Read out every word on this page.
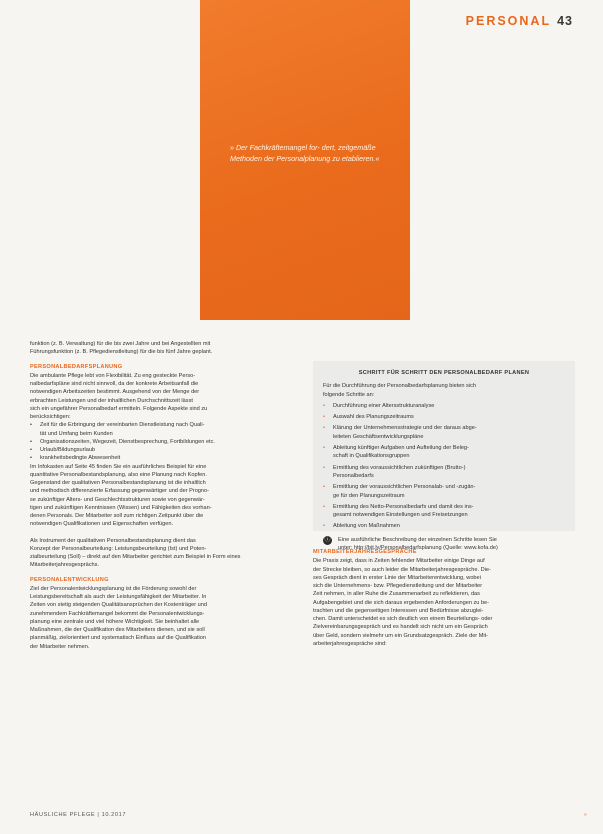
PERSONAL 43
» Der Fachkräftemangel for- dert, zeitgemäße Methoden der Personalplanung zu etablieren.«

funktion (z. B. Verwaltung) für die bis zwei Jahre und bei Angestellten mit

Führungsfunktion (z. B. Pflegedienstleitung) für die bis fünf Jahre geplant.

PERSONALBEDARFSPLANUNG

Die ambulante Pflege lebt von Flexibilität. Zu eng gesteckte Perso-

nalbedarfspläne sind nicht sinnvoll, da der konkrete Arbeitsanfall die

notwendigen Arbeitszeiten bestimmt. Ausgehend von der Menge der

erbrachten Leistungen und der inhaltlichen Durchschnittszeit lässt

sich ein ungefährer Personalbedarf ermitteln. Folgende Aspekte sind zu

berücksichtigen:

•	Zeit für die Erbringung der vereinbarten Dienstleistung nach Quali-

tät und Umfang beim Kunden

•	Organisationszeiten, Wegezeit, Dienstbesprechung, Fortbildungen etc.

•	Urlaub/Bildungsurlaub

•	krankheitsbedingte Abwesenheit

Im Infokasten auf Seite 45 finden Sie ein ausführliches Beispiel für eine

quantitative Personalbestandsplanung, also eine Planung nach Kopfen.

Gegenstand der qualitativen Personalbestandsplanung ist die inhaltlich

und methodisch differenzierte Erfassung gegenwärtiger und der Progno-

se zukünftiger Alters- und Geschlechtsstrukturen sowie von gegenwär-

tigen und zukünftigen Kenntnissen (Wissen) und Fähigkeiten des vorhan-

denen Personals. Der Mitarbeiter soll zum richtigen Zeitpunkt über die

notwendigen Qualifikationen und Eigenschaften verfügen.

Als Instrument der qualitativen Personalbestandsplanung dient das

Konzept der Personalbeurteilung: Leistungsbeurteilung (Ist) und Poten-

zialbeurteilung (Soll) – direkt auf den Mitarbeiter gerichtet zum Beispiel in Form eines

Mitarbeiterjahresgesprächs.

PERSONALENTWICKLUNG

Ziel der Personalentwicklungsplanung ist die Förderung sowohl der

Leistungsbereitschaft als auch der Leistungsfähigkeit der Mitarbeiter. In

Zeiten von stetig steigenden Qualitätsansprüchen der Kostenträger und

zunehmendem Fachkräftemangel bekommt die Personalentwicklungs-

planung eine zentrale und viel höhere Wichtigkeit. Sie beinhaltet alle

Maßnahmen, die der Qualifikation des Mitarbeiters dienen, und sie soll

planmäßig, zielorientiert und systematisch Einfluss auf die Qualifikation

der Mitarbeiter nehmen.

SCHRITT FÜR SCHRITT DEN PERSONALBEDARF PLANEN

Für die Durchführung der Personalbedarfsplanung bieten sich

folgende Schritte an:

•	Durchführung einer Altersstrukturanalyse
•	Auswahl des Planungszeitraums
•	Klärung der Unternehmensstrategie und der daraus abge-
leiteten Geschäftsentwicklungspläne
•	Ableitung künftiger Aufgaben und Aufteilung der Beleg-
schaft in Qualifikationsgruppen
•	Ermittlung des voraussichtlichen zukünftigen (Brutto-)
Personalbedarfs
•	Ermittlung der voraussichtlichen Personalab- und -zugän-
ge für den Planungszeitraum
•	Ermittlung des Netto-Personalbedarfs und damit des ins-
gesamt notwendigen Einstellungen und Freisetzungen
•	Ableitung von Maßnahmen
ⓘ Eine ausführliche Beschreibung der einzelnen Schritte lesen Sie
unter: http://bit.ly/Personalbedarfsplanung (Quelle: www.kofa.de)
MITARBEITERJAHRESGESPRÄCHE

Die Praxis zeigt, dass in Zeiten fehlender Mitarbeiter einige Dinge auf

der Strecke bleiben, so auch leider die Mitarbeiterjahresgespräche. Die-

ses Gespräch dient in erster Linie der Mitarbeiterentwicklung, wobei

sich die Unternehmens- bzw. Pflegedienstleitung und der Mitarbeiter

Zeit nehmen, in aller Ruhe die Zusammenarbeit zu reflektieren, das

Aufgabengebiet und die sich daraus ergebenden Anforderungen zu be-

trachten und die gegenseitigen Interessen und Bedürfnisse abzuglei-

chen. Damit unterscheidet es sich deutlich von einem Beurteilungs- oder

Zielvereinbarungsgespräch und es handelt sich nicht um ein Gespräch

über Geld, sondern vielmehr um ein Grundsatzgespräch. Ziele der Mit-

arbeiterjahresgespräche sind:

HÄUSLICHE PFLEGE | 10.2017	»
